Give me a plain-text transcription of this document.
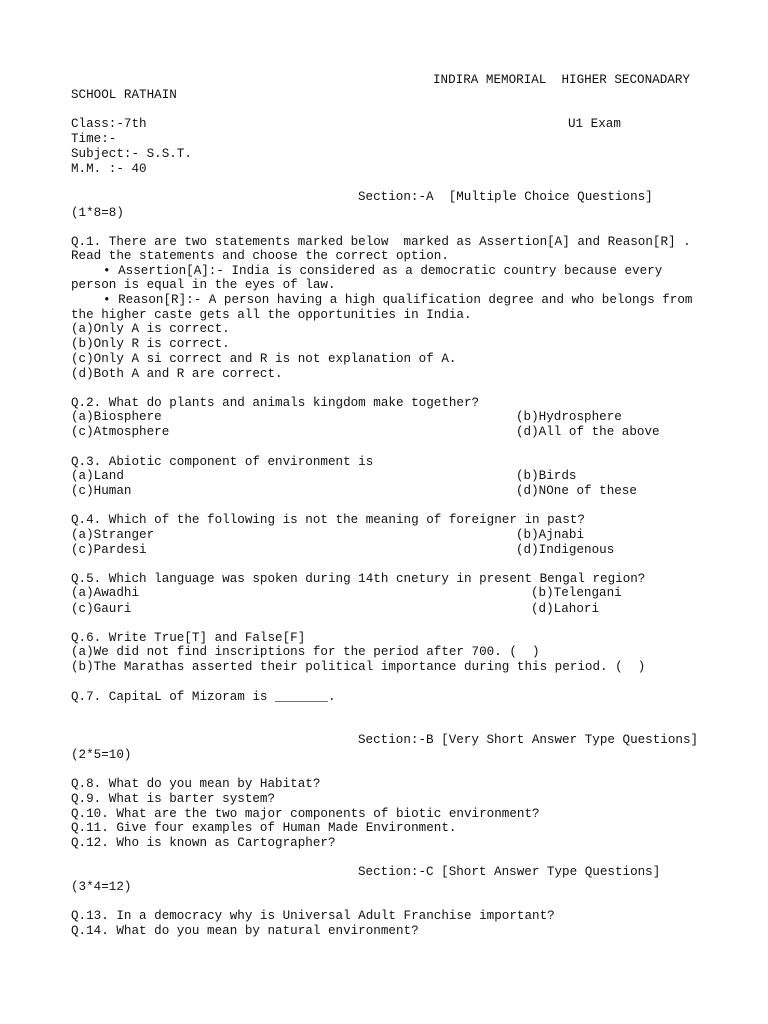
INDIRA MEMORIAL  HIGHER SECONADARY
SCHOOL RATHAIN
Class:-7th	U1 Exam
Time:-
Subject:- S.S.T.
M.M. :- 40
Section:-A  [Multiple Choice Questions]
(1*8=8)
Q.1. There are two statements marked below  marked as Assertion[A] and Reason[R] .
Read the statements and choose the correct option.
• Assertion[A]:- India is considered as a democratic country because every
person is equal in the eyes of law.
• Reason[R]:- A person having a high qualification degree and who belongs from
the higher caste gets all the opportunities in India.
(a)Only A is correct.
(b)Only R is correct.
(c)Only A si correct and R is not explanation of A.
(d)Both A and R are correct.
Q.2. What do plants and animals kingdom make together?
(a)Biosphere	(b)Hydrosphere
(c)Atmosphere	(d)All of the above
Q.3. Abiotic component of environment is
(a)Land	(b)Birds
(c)Human	(d)NOne of these
Q.4. Which of the following is not the meaning of foreigner in past?
(a)Stranger	(b)Ajnabi
(c)Pardesi	(d)Indigenous
Q.5. Which language was spoken during 14th cnetury in present Bengal region?
(a)Awadhi	(b)Telengani
(c)Gauri	(d)Lahori
Q.6. Write True[T] and False[F]
(a)We did not find inscriptions for the period after 700. (  )
(b)The Marathas asserted their political importance during this period. (  )
Q.7. CapitaL of Mizoram is _______.
Section:-B [Very Short Answer Type Questions]
(2*5=10)
Q.8. What do you mean by Habitat?
Q.9. What is barter system?
Q.10. What are the two major components of biotic environment?
Q.11. Give four examples of Human Made Environment.
Q.12. Who is known as Cartographer?
Section:-C [Short Answer Type Questions]
(3*4=12)
Q.13. In a democracy why is Universal Adult Franchise important?
Q.14. What do you mean by natural environment?
